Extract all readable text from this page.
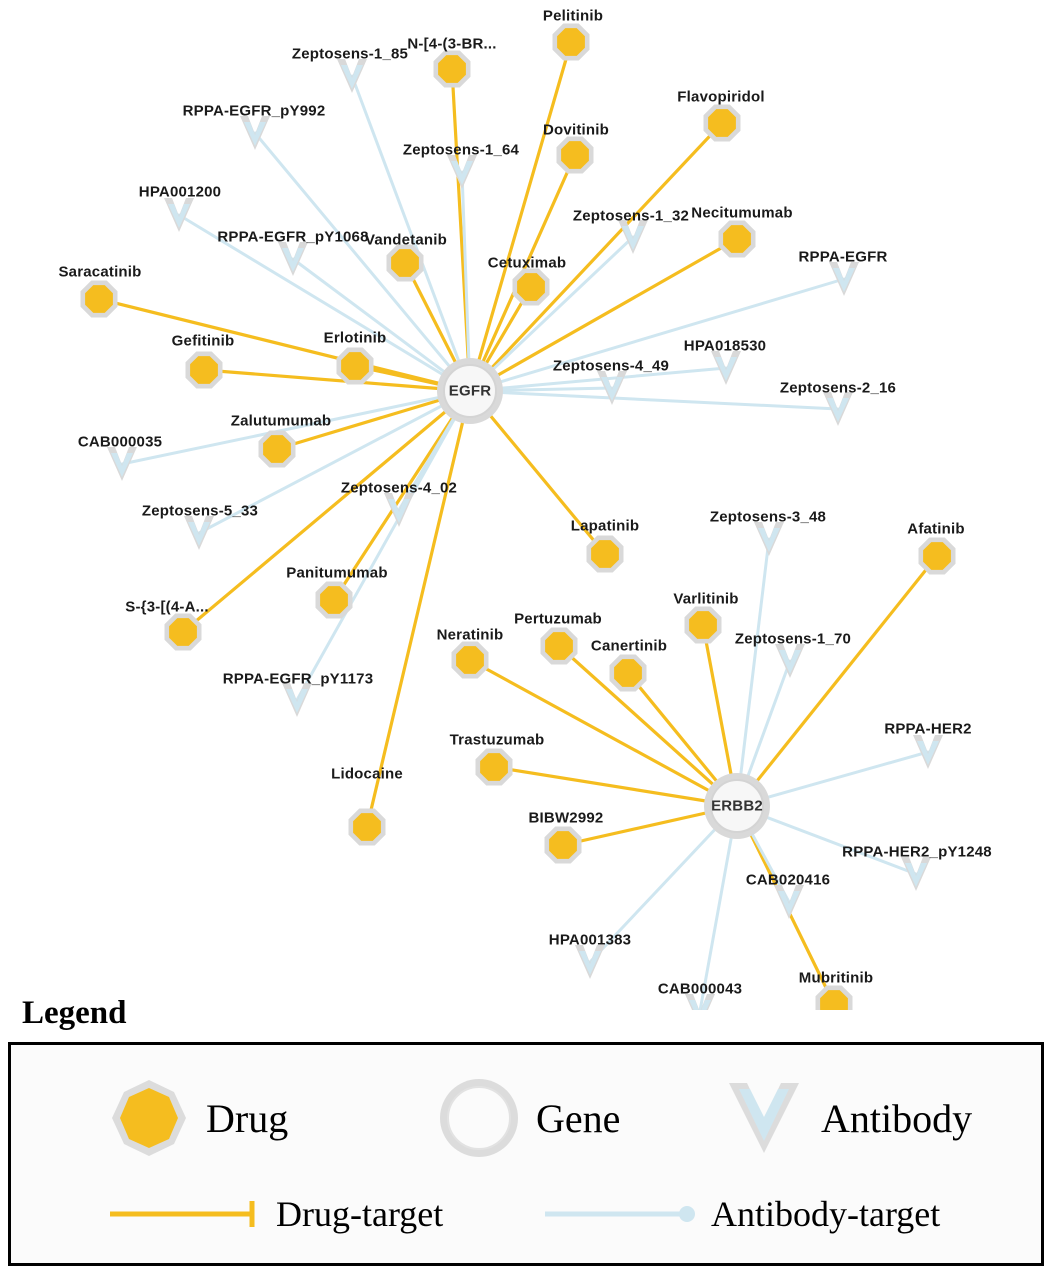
Pelitinib
N-[4-(3-BR...
Flavopiridol
Dovitinib
Necitumumab
Vandetanib
Cetuximab
Saracatinib
Gefitinib	Erlotinib
Zalutumumab
Panitumumab
S-{3-[(4-A...
Lapatinib	Afatinib
Varlitinib
Pertuzumab
Neratinib
Canertinib
Trastuzumab
Lidocaine
BIBW2992
Mubritinib
Zeptosens-1_85
RPPA-EGFR_pY992
Zeptosens-1_64
HPA001200
Zeptosens-1_32
RPPA-EGFR_pY1068
RPPA-EGFR
HPA018530
Zeptosens-4_49
Zeptosens-2_16
CAB000035
Zeptosens-4_02
Zeptosens-5_33	Zeptosens-3_48
RPPA-EGFR_pY1173
Zeptosens-1_70
RPPA-HER2
RPPA-HER2_pY1248
CAB020416
HPA001383
CAB000043
EGFR
ERBB2
Legend
Drug	Gene	Antibody
Drug-target	Antibody-target
